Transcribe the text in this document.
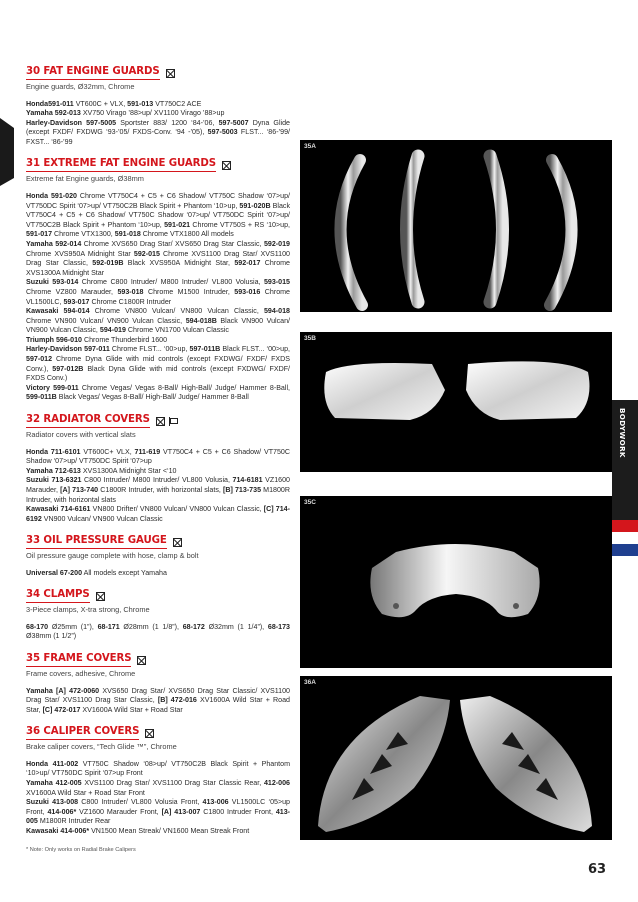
30 FAT ENGINE GUARDS
Engine guards, Ø32mm, Chrome
Honda591-011 VT600C + VLX, 591-013 VT750C2 ACE
Yamaha 592-013 XV750 Virago ’88>up/ XV1100 Virago ’88>up
Harley-Davidson 597-5005 Sportster 883/ 1200 ‘84-’06, 597-5007 Dyna Glide (except FXDF/ FXDWG ‘93-’05/ FXDS-Conv. ‘94 -’05), 597-5003 FLST... ‘86-’99/ FXST... ‘86-’99
31 EXTREME FAT ENGINE GUARDS
Extreme fat Engine guards, Ø38mm
Honda 591-020 Chrome VT750C4 + C5 + C6 Shadow/ VT750C Shadow ‘07>up/ VT750DC Spirit ‘07>up/ VT750C2B Black Spirit + Phantom ‘10>up, 591-020B Black VT750C4 + C5 + C6 Shadow/ VT750C Shadow ‘07>up/ VT750DC Spirit ‘07>up/ VT750C2B Black Spirit + Phantom ‘10>up, 591-021 Chrome VT750S + RS ‘10>up, 591-017 Chrome VTX1300, 591-018 Chrome VTX1800 All models
Yamaha 592-014 Chrome XVS650 Drag Star/ XVS650 Drag Star Classic, 592-019 Chrome XVS950A Midnight Star 592-015 Chrome XVS1100 Drag Star/ XVS1100 Drag Star Classic, 592-019B Black XVS950A Midnight Star, 592-017 Chrome XVS1300A Midnight Star
Suzuki 593-014 Chrome C800 Intruder/ M800 Intruder/ VL800 Volusia, 593-015 Chrome VZ800 Marauder, 593-018 Chrome M1500 Intruder, 593-016 Chrome VL1500LC, 593-017 Chrome C1800R Intruder
Kawasaki 594-014 Chrome VN800 Vulcan/ VN800 Vulcan Classic, 594-018 Chrome VN900 Vulcan/ VN900 Vulcan Classic, 594-018B Black VN900 Vulcan/ VN900 Vulcan Classic, 594-019 Chrome VN1700 Vulcan Classic
Triumph 596-010 Chrome Thunderbird 1600
Harley-Davidson 597-011 Chrome FLST... ‘00>up, 597-011B Black FLST... ‘00>up, 597-012 Chrome Dyna Glide with mid controls (except FXDWG/ FXDF/ FXDS Conv.), 597-012B Black Dyna Glide with mid controls (except FXDWG/ FXDF/ FXDS Conv.)
Victory 599-011 Chrome Vegas/ Vegas 8-Ball/ High-Ball/ Judge/ Hammer 8-Ball, 599-011B Black Vegas/ Vegas 8-Ball/ High-Ball/ Judge/ Hammer 8-Ball
32 RADIATOR COVERS
Radiator covers with vertical slats
Honda 711-6101 VT600C+ VLX, 711-619 VT750C4 + C5 + C6 Shadow/ VT750C Shadow ‘07>up/ VT750DC Spirit ‘07>up
Yamaha 712-613 XVS1300A Midnight Star <‘10
Suzuki 713-6321 C800 Intruder/ M800 Intruder/ VL800 Volusia, 714-6181 VZ1600 Marauder, [A] 713-740 C1800R Intruder, with horizontal slats, [B] 713-735 M1800R Intruder, with horizontal slats
Kawasaki 714-6161 VN800 Drifter/ VN800 Vulcan/ VN800 Vulcan Classic, [C] 714-6192 VN900 Vulcan/ VN900 Vulcan Classic
33 OIL PRESSURE GAUGE
Oil pressure gauge complete with hose, clamp & bolt
Universal 67-200 All models except Yamaha
34 CLAMPS
3-Piece clamps, X-tra strong, Chrome
68-170 Ø25mm (1”), 68-171 Ø28mm (1 1/8”), 68-172 Ø32mm (1 1/4”), 68-173 Ø38mm (1 1/2”)
35 FRAME COVERS
Frame covers, adhesive, Chrome
Yamaha [A] 472-0060 XVS650 Drag Star/ XVS650 Drag Star Classic/ XVS1100 Drag Star/ XVS1100 Drag Star Classic, [B] 472-016 XV1600A Wild Star + Road Star, [C] 472-017 XV1600A Wild Star + Road Star
36 CALIPER COVERS
Brake caliper covers, “Tech Glide ™”, Chrome
Honda 411-002 VT750C Shadow ‘08>up/ VT750C2B Black Spirit + Phantom ‘10>up/ VT750DC Spirit ‘07>up Front
Yamaha 412-005 XVS1100 Drag Star/ XVS1100 Drag Star Classic Rear, 412-006 XV1600A Wild Star + Road Star Front
Suzuki 413-008 C800 Intruder/ VL800 Volusia Front, 413-006 VL1500LC ‘05>up Front, 414-006* VZ1600 Marauder Front, [A] 413-007 C1800 Intruder Front, 413-005 M1800R Intruder Rear
Kawasaki 414-006* VN1500 Mean Streak/ VN1600 Mean Streak Front
* Note: Only works on Radial Brake Calipers
35A
35B
35C
36A
BODYWORK
63
